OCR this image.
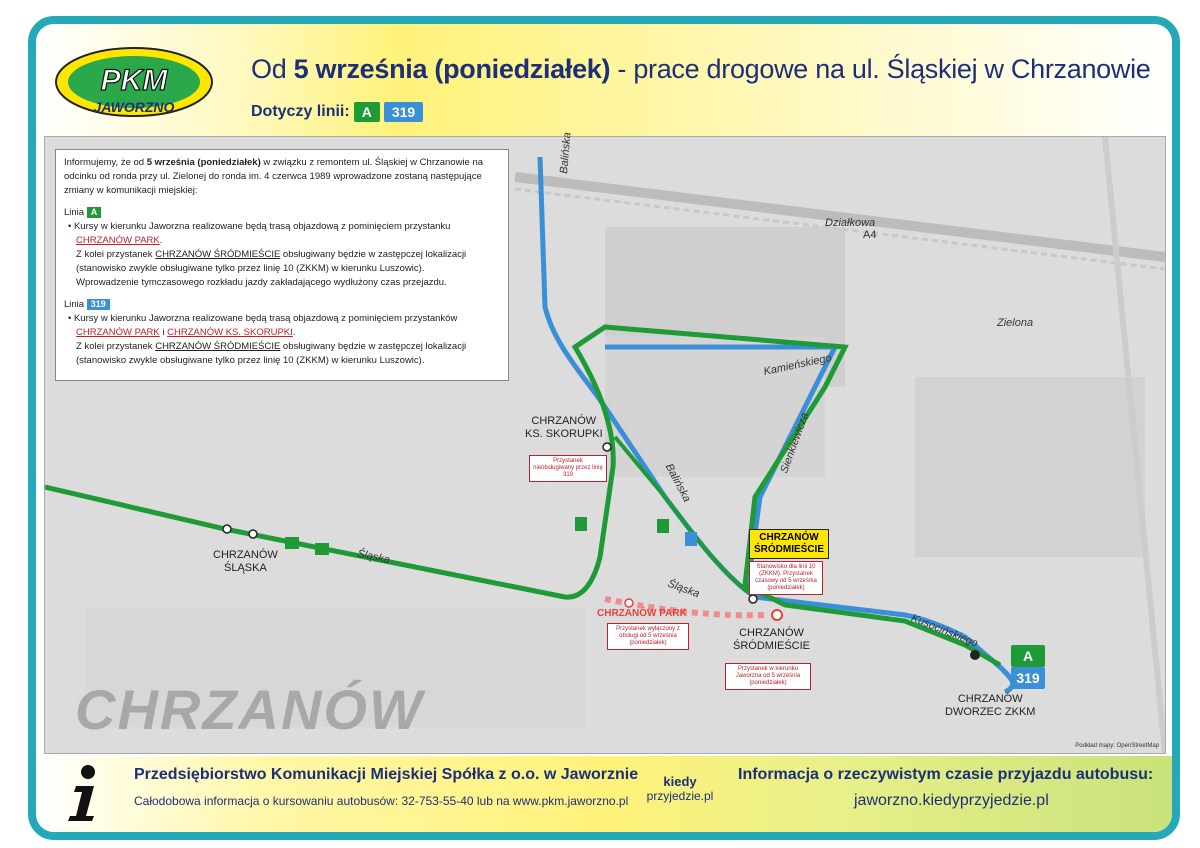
PKM
JAWORZNO
Od 5 września (poniedziałek) - prace drogowe na ul. Śląskiej w Chrzanowie
Dotyczy linii: A	319
CHRZANÓW
Balińska
Balińska
Śląska
Śląska
Kamieńskiego
Sienkiewicza
Kusocińskiego
Działkowa
Zielona
A4
CHRZANÓW
ŚLĄSKA
CHRZANÓW
KS. SKORUPKI
Przystanek nieobsługiwany przez linię 319
CHRZANÓW PARK
Przystanek wyłączony z obsługi od 5 września (poniedziałek)
CHRZANÓW
ŚRÓDMIEŚCIE
Przystanek w kierunku Jaworzna od 5 września (poniedziałek)
CHRZANÓW
ŚRÓDMIEŚCIE
Stanowisko dla linii 10 (ZKKM). Przystanek czasowy od 5 września (poniedziałek)
CHRZANÓW
DWORZEC ZKKM
A
319

Informujemy, że od 5 września (poniedziałek) w związku z remontem ul. Śląskiej w Chrzanowie na odcinku od ronda przy ul. Zielonej do ronda im. 4 czerwca 1989 wprowadzone zostaną następujące zmiany w komunikacji miejskiej:

Linia A
• Kursy w kierunku Jaworzna realizowane będą trasą objazdową z pominięciem przystanku CHRZANÓW PARK.
Z kolei przystanek CHRZANÓW ŚRÓDMIEŚCIE obsługiwany będzie w zastępczej lokalizacji (stanowisko zwykle obsługiwane tylko przez linię 10 (ZKKM) w kierunku Luszowic).
Wprowadzenie tymczasowego rozkładu jazdy zakładającego wydłużony czas przejazdu.
Linia 319
• Kursy w kierunku Jaworzna realizowane będą trasą objazdową z pominięciem przystanków CHRZANÓW PARK i CHRZANÓW KS. SKORUPKI.
Z kolei przystanek CHRZANÓW ŚRÓDMIEŚCIE obsługiwany będzie w zastępczej lokalizacji (stanowisko zwykle obsługiwane tylko przez linię 10 (ZKKM) w kierunku Luszowic).
Podkład mapy: OpenStreetMap
Przedsiębiorstwo Komunikacji Miejskiej Spółka z o.o. w Jaworznie
Całodobowa informacja o kursowaniu autobusów: 32-753-55-40 lub na www.pkm.jaworzno.pl
kiedy
przyjedzie.pl
Informacja o rzeczywistym czasie przyjazdu autobusu:
jaworzno.kiedyprzyjedzie.pl
